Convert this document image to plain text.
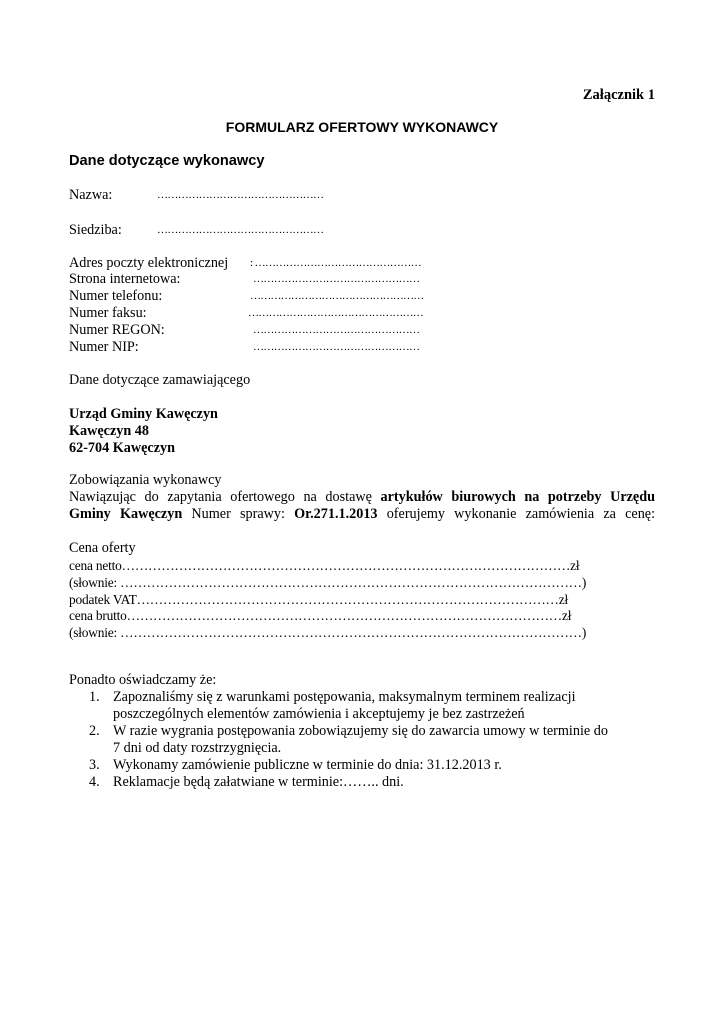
Załącznik 1
FORMULARZ OFERTOWY WYKONAWCY
Dane dotyczące wykonawcy
Nazwa:	…………………………………………
Siedziba:	…………………………………………
Adres poczty elektronicznej : …………………………………………
Strona internetowa:	…………………………………………
Numer telefonu:	……………………………………………
Numer faksu:	……………………………………………
Numer REGON:	…………………………………………
Numer NIP:	…………………………………………
Dane dotyczące zamawiającego
Urząd Gminy Kawęczyn
Kawęczyn 48
62-704 Kawęczyn
Zobowiązania wykonawcy
Nawiązując do zapytania ofertowego na dostawę artykułów biurowych na potrzeby Urzędu
Gminy Kawęczyn Numer sprawy: Or.271.1.2013 oferujemy wykonanie zamówienia za cenę:
Cena oferty
cena netto…………………………………………………………………………………………zł
(słownie: ……………………………………………………………………………………………)
podatek VAT……………………………………………………………………………………zł
cena brutto………………………………………………………………………………………zł
(słownie: ……………………………………………………………………………………………)
Ponadto oświadczamy że:
1. Zapoznaliśmy się z warunkami postępowania, maksymalnym terminem realizacji
poszczególnych elementów zamówienia i akceptujemy je bez zastrzeżeń
2. W razie wygrania postępowania zobowiązujemy się do zawarcia umowy w terminie do
7 dni od daty rozstrzygnięcia.
3. Wykonamy zamówienie publiczne w terminie do dnia: 31.12.2013 r.
4. Reklamacje będą załatwiane w terminie:…….. dni.
